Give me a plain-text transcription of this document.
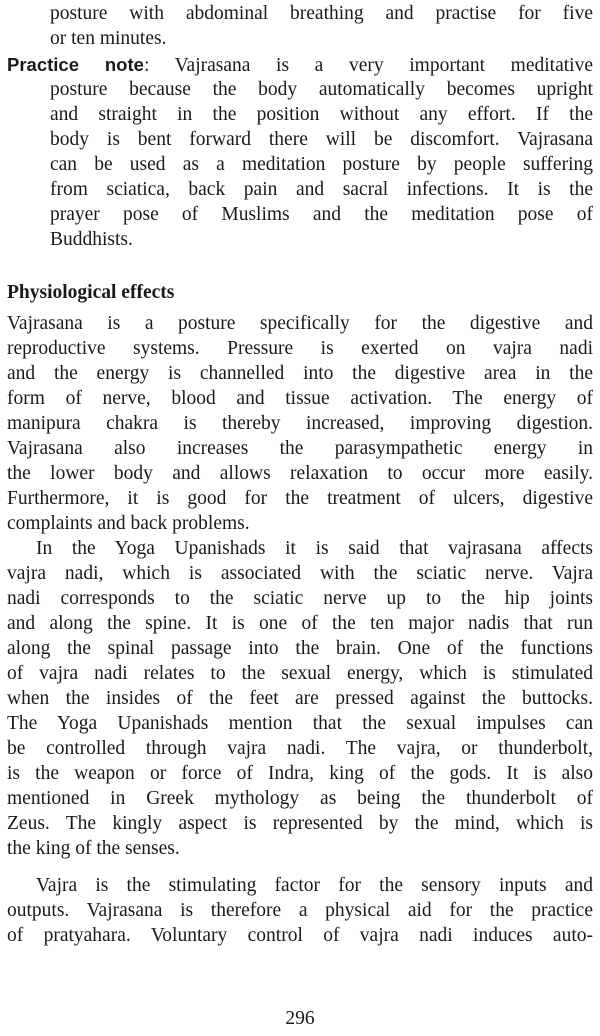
posture with abdominal breathing and practise for five
or ten minutes.
Practice note: Vajrasana is a very important meditative
posture because the body automatically becomes upright
and straight in the position without any effort. If the
body is bent forward there will be discomfort. Vajrasana
can be used as a meditation posture by people suffering
from sciatica, back pain and sacral infections. It is the
prayer pose of Muslims and the meditation pose of
Buddhists.
Physiological effects
Vajrasana is a posture specifically for the digestive and
reproductive systems. Pressure is exerted on vajra nadi
and the energy is channelled into the digestive area in the
form of nerve, blood and tissue activation. The energy of
manipura chakra is thereby increased, improving digestion.
Vajrasana also increases the parasympathetic energy in
the lower body and allows relaxation to occur more easily.
Furthermore, it is good for the treatment of ulcers, digestive
complaints and back problems.
In the Yoga Upanishads it is said that vajrasana affects
vajra nadi, which is associated with the sciatic nerve. Vajra
nadi corresponds to the sciatic nerve up to the hip joints
and along the spine. It is one of the ten major nadis that run
along the spinal passage into the brain. One of the functions
of vajra nadi relates to the sexual energy, which is stimulated
when the insides of the feet are pressed against the buttocks.
The Yoga Upanishads mention that the sexual impulses can
be controlled through vajra nadi. The vajra, or thunderbolt,
is the weapon or force of Indra, king of the gods. It is also
mentioned in Greek mythology as being the thunderbolt of
Zeus. The kingly aspect is represented by the mind, which is
the king of the senses.
Vajra is the stimulating factor for the sensory inputs and
outputs. Vajrasana is therefore a physical aid for the practice
of pratyahara. Voluntary control of vajra nadi induces auto-
296
